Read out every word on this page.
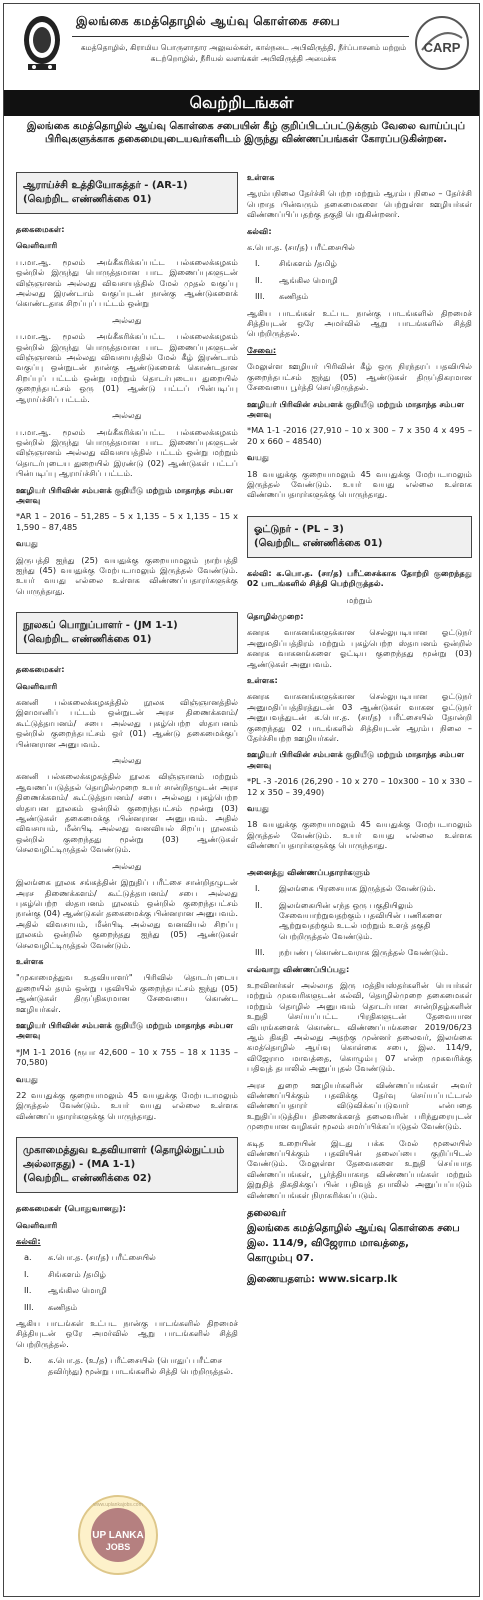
இலங்கை கமத்தொழில் ஆய்வு கொள்கை சபை
கமத்தொழில், கிராமிய பொருளாதார அலுவல்கள், கால்நடை அபிவிருத்தி, நீர்ப்பாசனம் மற்றும் கடற்றொழில், நீரியல் வளங்கள் அபிவிருத்தி அமைச்சு
CARP
வெற்றிடங்கள்
இலங்கை கமத்தொழில் ஆய்வு கொள்கை சபையின் கீழ் குறிப்பிடப்பட்டுக்கும் வேலை வாய்ப்புப் பிரிவுகளுக்காக தகைமையுடையவர்களிடம் இருந்து விண்ணப்பங்கள் கோரப்படுகின்றன.
ஆராய்ச்சி உத்தியோகத்தர் - (AR-1)
(வெற்றிட எண்ணிக்கை 01)
தகைமைகள்:
வெளிவாரி
ப.மா.ஆ. மூலம் அங்கீகரிக்கப்பட்ட பல்கலைக்கழகம் ஒன்றில் இருந்து பொருத்தமான பாட இணைப்புகளுடன் விஞ்ஞானம் அல்லது விவசாயத்தில் மேல் முதல் வகுப்பு அல்லது இரண்டாம் வகுப்புடன் நான்கு ஆண்டுகளைக் கொண்டதாக சிறப்புப் பட்டம் ஒன்று
அல்லது
ப.மா.ஆ. மூலம் அங்கீகரிக்கப்பட்ட பல்கலைக்கழகம் ஒன்றில் இருந்து பொருத்தமான பாட இணைப்புகளுடன் விஞ்ஞானம் அல்லது விவசாயத்தில் மேல் கீழ் இரண்டாம் வகுப்பு ஒன்றுடன் நான்கு ஆண்டுகளைக் கொண்டதான சிறப்புப் பட்டம் ஒன்று மற்றும் தொடர்புடைய துறையில் குறைந்தபட்சம் ஒரு (01) ஆண்டு பட்டப் பின்படிப்பு ஆராய்ச்சிப் பட்டம்.
அல்லது
ப.மா.ஆ. மூலம் அங்கீகரிக்கப்பட்ட பல்கலைக்கழகம் ஒன்றில் இருந்து பொருத்தமான பாட இணைப்புகளுடன் விஞ்ஞானம் அல்லது விவசாயத்தில் பட்டம் ஒன்று மற்றும் தொடர்புடைய துறையில் இரண்டு (02) ஆண்டுகள் பட்டப் பின்படிப்பு ஆராய்ச்சிப் பட்டம்.
ஊழியர் பிரிவின் சம்பளக் குறியீடு மற்றும் மாதாந்த சம்பள அளவு
*AR 1 – 2016 – 51,285 – 5 x 1,135 – 5 x 1,135 – 15 x 1,590 – 87,485
வயது
இருபத்தி ஐந்து (25) வயதுக்கு குறையாமலும் நாற்பத்தி ஐந்து (45) வயதுக்கு மேற்படாமலும் இருத்தல் வேண்டும். உயர் வயது எல்லை உள்ளக விண்ணப்பதாரர்களுக்கு பொருந்தாது.
நூலகப் பொறுப்பாளர் - (JM 1-1)
(வெற்றிட எண்ணிக்கை 01)
தகைமைகள்:
வெளிவாரி
கனனி பல்கலைக்கழகத்தில் நூலக விஞ்ஞானத்தில் இளமானிப் பட்டம் ஒன்றுடன் அரச திணைக்களம்/ கூட்டுத்தாபனம்/ சபை அல்லது புகழ்பெற்ற ஸ்தாபனம் ஒன்றில் குறைந்தபட்சம் ஒர் (01) ஆண்டு தகைமைக்குப் பின்னரான அனுபவம்.
அல்லது
கனனி பல்கலைக்கழகத்தில் நூலக விஞ்ஞானம் மற்றும் ஆவணப்படுத்தல் தொழில்முறை உயர் சான்றிதழுடன் அரச திணைக்களம்/ கூட்டுத்தாபனம்/ சபை அல்லது புகழ்பெற்ற ஸ்தாபன நூலகம் ஒன்றில் குறைந்தபட்சம் மூன்று (03) ஆண்டுகள் தகைமைக்கு பின்னரான அனுபவம். அதில் விவசாயம், மீன்பிடி அல்லது வனவியல் சிறப்பு நூலகம் ஒன்றில் குறைந்தது மூன்று (03) ஆண்டுகள் செலவழிட்டிருத்தல் வேண்டும்.
அல்லது
இலங்கை நூலக சங்கத்தின் இறுதிப் பரீட்சை சான்றிதழுடன் அரச திணைக்களம்/ கூட்டுத்தாபனம்/ சபை அல்லது புகழ்பெற்ற ஸ்தாபனம் நூலகம் ஒன்றில் குறைந்தபட்சம் நான்கு (04) ஆண்டுகள் தகைமைக்கு பின்னரான அனுபவம். அதில் விவசாயம், மீன்பிடி அல்லது வனவியல் சிறப்பு நூலகம் ஒன்றில் குறைந்தது ஐந்து (05) ஆண்டுகள் செலவழிட்டிருத்தல் வேண்டும்.
உள்ளக
"முகாமைத்துவ உதவியாளர்" பிரிவில் தொடர்புடைய துறையில் தரம் ஒன்று பதவியில் குறைந்தபட்சம் ஐந்து (05) ஆண்டுகள் திருப்திகரமான சேவையை கொண்ட ஊழியர்கள்.
ஊழியர் பிரிவின் சம்பளக் குறியீடு மற்றும் மாதாந்த சம்பள அளவு
*JM 1-1 2016 (ரூபா 42,600 – 10 x 755 – 18 x 1135 – 70,580)
வயது
22 வயதுக்கு குறையாமலும் 45 வயதுக்கு மேற்படாமலும் இருத்தல் வேண்டும். உயர் வயது எல்லை உள்ளக விண்ணப்பதாரர்களுக்கு பொருந்தாது.
முகாமைத்துவ உதவியாளர் (தொழில்நுட்பம் அல்லாதது) - (MA 1-1)
(வெற்றிட எண்ணிக்கை 02)
தகைமைகள் (பொதுவானது):
வெளிவாரி
கல்வி:
a.	க.பொ.த. (சா/த) பரீட்சையில்
I.	சிங்களம் /தமிழ்
II.	ஆங்கில மொழி
III.	கணிதம்
ஆகிய பாடங்கள் உட்பட நான்கு பாடங்களில் திறமைச் சித்தியுடன் ஒரே அமர்வில் ஆறு பாடங்களில் சித்தி பெற்றிருத்தல்.
b.	க.பொ.த. (உ/த) பரீட்சையில் (பொதுப் பரீட்சை தவிர்ந்து) மூன்று பாடங்களில் சித்தி பெற்றிருத்தல்.
உள்ளக
ஆரம்பநிலை தேர்ச்சி பெற்ற மற்றும் ஆரம்ப நிலை – தேர்ச்சி பெறாத பின்வரும் தகைமைகளை பெற்றுள்ள ஊழியர்கள் விண்ணப்பிப்பதற்கு தகுதி பெறுகின்றனர்.
கல்வி:
க.பொ.த. (சா/த) பரீட்சையில்
I.	சிங்களம் /தமிழ்
II.	ஆங்கில மொழி
III.	கணிதம்
ஆகிய பாடங்கள் உட்பட நான்கு பாடங்களில் திறமைச் சித்தியுடன் ஒரே அமர்வில் ஆறு பாடங்களில் சித்தி பெற்றிருத்தல்.
சேவை:
மேலுள்ள ஊழியர் பிரிவின் கீழ் ஒரு நிரந்தரப் பதவியில் குறைந்தபட்சம் ஐந்து (05) ஆண்டுகள் திருப்திகரமான சேவையை பூர்த்தி செய்திருத்தல்.
ஊழியர் பிரிவின் சம்பளக் குறியீடு மற்றும் மாதாந்த சம்பள அளவு
*MA 1-1 -2016 (27,910 – 10 x 300 – 7 x 350 4 x 495 – 20 x 660 – 48540)
வயது
18 வயதுக்கு குறையாமலும் 45 வயதுக்கு மேற்படாமலும் இருத்தல் வேண்டும். உயர் வயது எல்லை உள்ளக விண்ணப்பதாரர்களுக்கு பொருந்தாது.
ஓட்டுநர் - (PL – 3)
(வெற்றிட எண்ணிக்கை 01)
கல்வி: க.பொ.த. (சா/த) பரீட்சைக்காக தோற்றி குறைந்தது 02 பாடங்களில் சித்தி பெற்றிருத்தல்.
மற்றும்
தொழில்முறை:
கனரக வாகனங்களுக்கான செல்லுபடியான ஓட்டுநர் அனுமதிப்பத்திரம் மற்றும் புகழ்பெற்ற ஸ்தாபனம் ஒன்றில் கனரக வாகனங்களை ஓட்டிய குறைந்தது மூன்று (03) ஆண்டுகள் அனுபவம்.
உள்ளக:
கனரக வாகனங்களுக்கான செல்லுபடியான ஓட்டுநர் அனுமதிப்பத்திரத்துடன் 03 ஆண்டுகள் வாகன ஓட்டுநர் அனுபவத்துடன் க.பொ.த. (சா/த) பரீட்சையில் தோன்றி குறைந்தது 02 பாடங்களில் சித்தியுடன் ஆரம்ப நிலை – தேர்ச்சியற்ற ஊழியர்கள்.
ஊழியர் பிரிவின் சம்பளக் குறியீடு மற்றும் மாதாந்த சம்பள அளவு
*PL -3 -2016 (26,290 - 10 x 270 – 10x300 – 10 x 330 – 12 x 350 – 39,490)
வயது
18 வயதுக்கு குறையாமலும் 45 வயதுக்கு மேற்படாமலும் இருத்தல் வேண்டும். உயர் வயது எல்லை உள்ளக விண்ணப்பதாரர்களுக்கு பொருந்தாது.
அனைத்து விண்ணப்பதாரர்களும்
I.	இலங்கை பிரசையாக இருத்தல் வேண்டும்.
II.	இலங்கையின் எந்த ஒரு பகுதியிலும் சேவையாற்றுவதற்கும் பதவியின் பணிகளை ஆற்றுவதற்கும் உடல் மற்றும் உளத் தகுதி பெற்றிருத்தல் வேண்டும்.
III.	நற்பண்பு கொண்டவராக இருத்தல் வேண்டும்.
எவ்வாறு விண்ணப்பிப்பது:
உறவினர்கள் அல்லாத இரு மத்தியஸ்தர்களின் பெயர்கள் மற்றும் முகவரிகளுடன் கல்வி, தொழில்முறை தகைமைகள் மற்றும் தொழில் அனுபவம் தொடர்பான சான்றிதழ்களின் உறுதி செய்யப்பட்ட பிரதிகளுடன் தேவையான விபரங்களைக் கொண்ட விண்ணப்பங்களை 2019/06/23 ஆம் திகதி அல்லது அதற்கு முன்னர் தலைவர், இலங்கை கமத்தொழில் ஆய்வு கொள்கை சபை, இல. 114/9, விஜேராம மாவத்தை, கொழும்பு 07 என்ற முகவரிக்கு பதிவுத் தபாலில் அனுப்புதல் வேண்டும்.
அரச துறை ஊழியர்களின் விண்ணப்பங்கள் அவர் விண்ணப்பிக்கும் பதவிக்கு தேர்வு செய்யப்பட்டால் விண்ணப்பதாரர் விடுவிக்கப்படுவார் என்பதை உறுதிப்படுத்திய திணைக்களத் தலைவரின் பரிந்துரையுடன் முறையான வழிகள் மூலம் சமர்ப்பிக்கப்படுதல் வேண்டும்.
கடித உறையின் இடது பக்க மேல் மூலையில் விண்ணப்பிக்கும் பதவியின் தலைப்பை குறிப்பிடல் வேண்டும். மேலுள்ள தேவைகளை உறுதி செய்யாத விண்ணப்பங்கள், பூர்த்தியாகாத விண்ணப்பங்கள் மற்றும் இறுதித் திகதிக்குப் பின் பதிவுத் தபாலில் அனுப்பப்படும் விண்ணப்பங்கள் நிராகரிக்கப்படும்.
தலைவர்
இலங்கை கமத்தொழில் ஆய்வு கொள்கை சபை
இல. 114/9, விஜேராம மாவத்தை,
கொழும்பு 07.
இணையதளம்: www.sicarp.lk
UP LANKA
JOBS
www.uplankajobs.com
